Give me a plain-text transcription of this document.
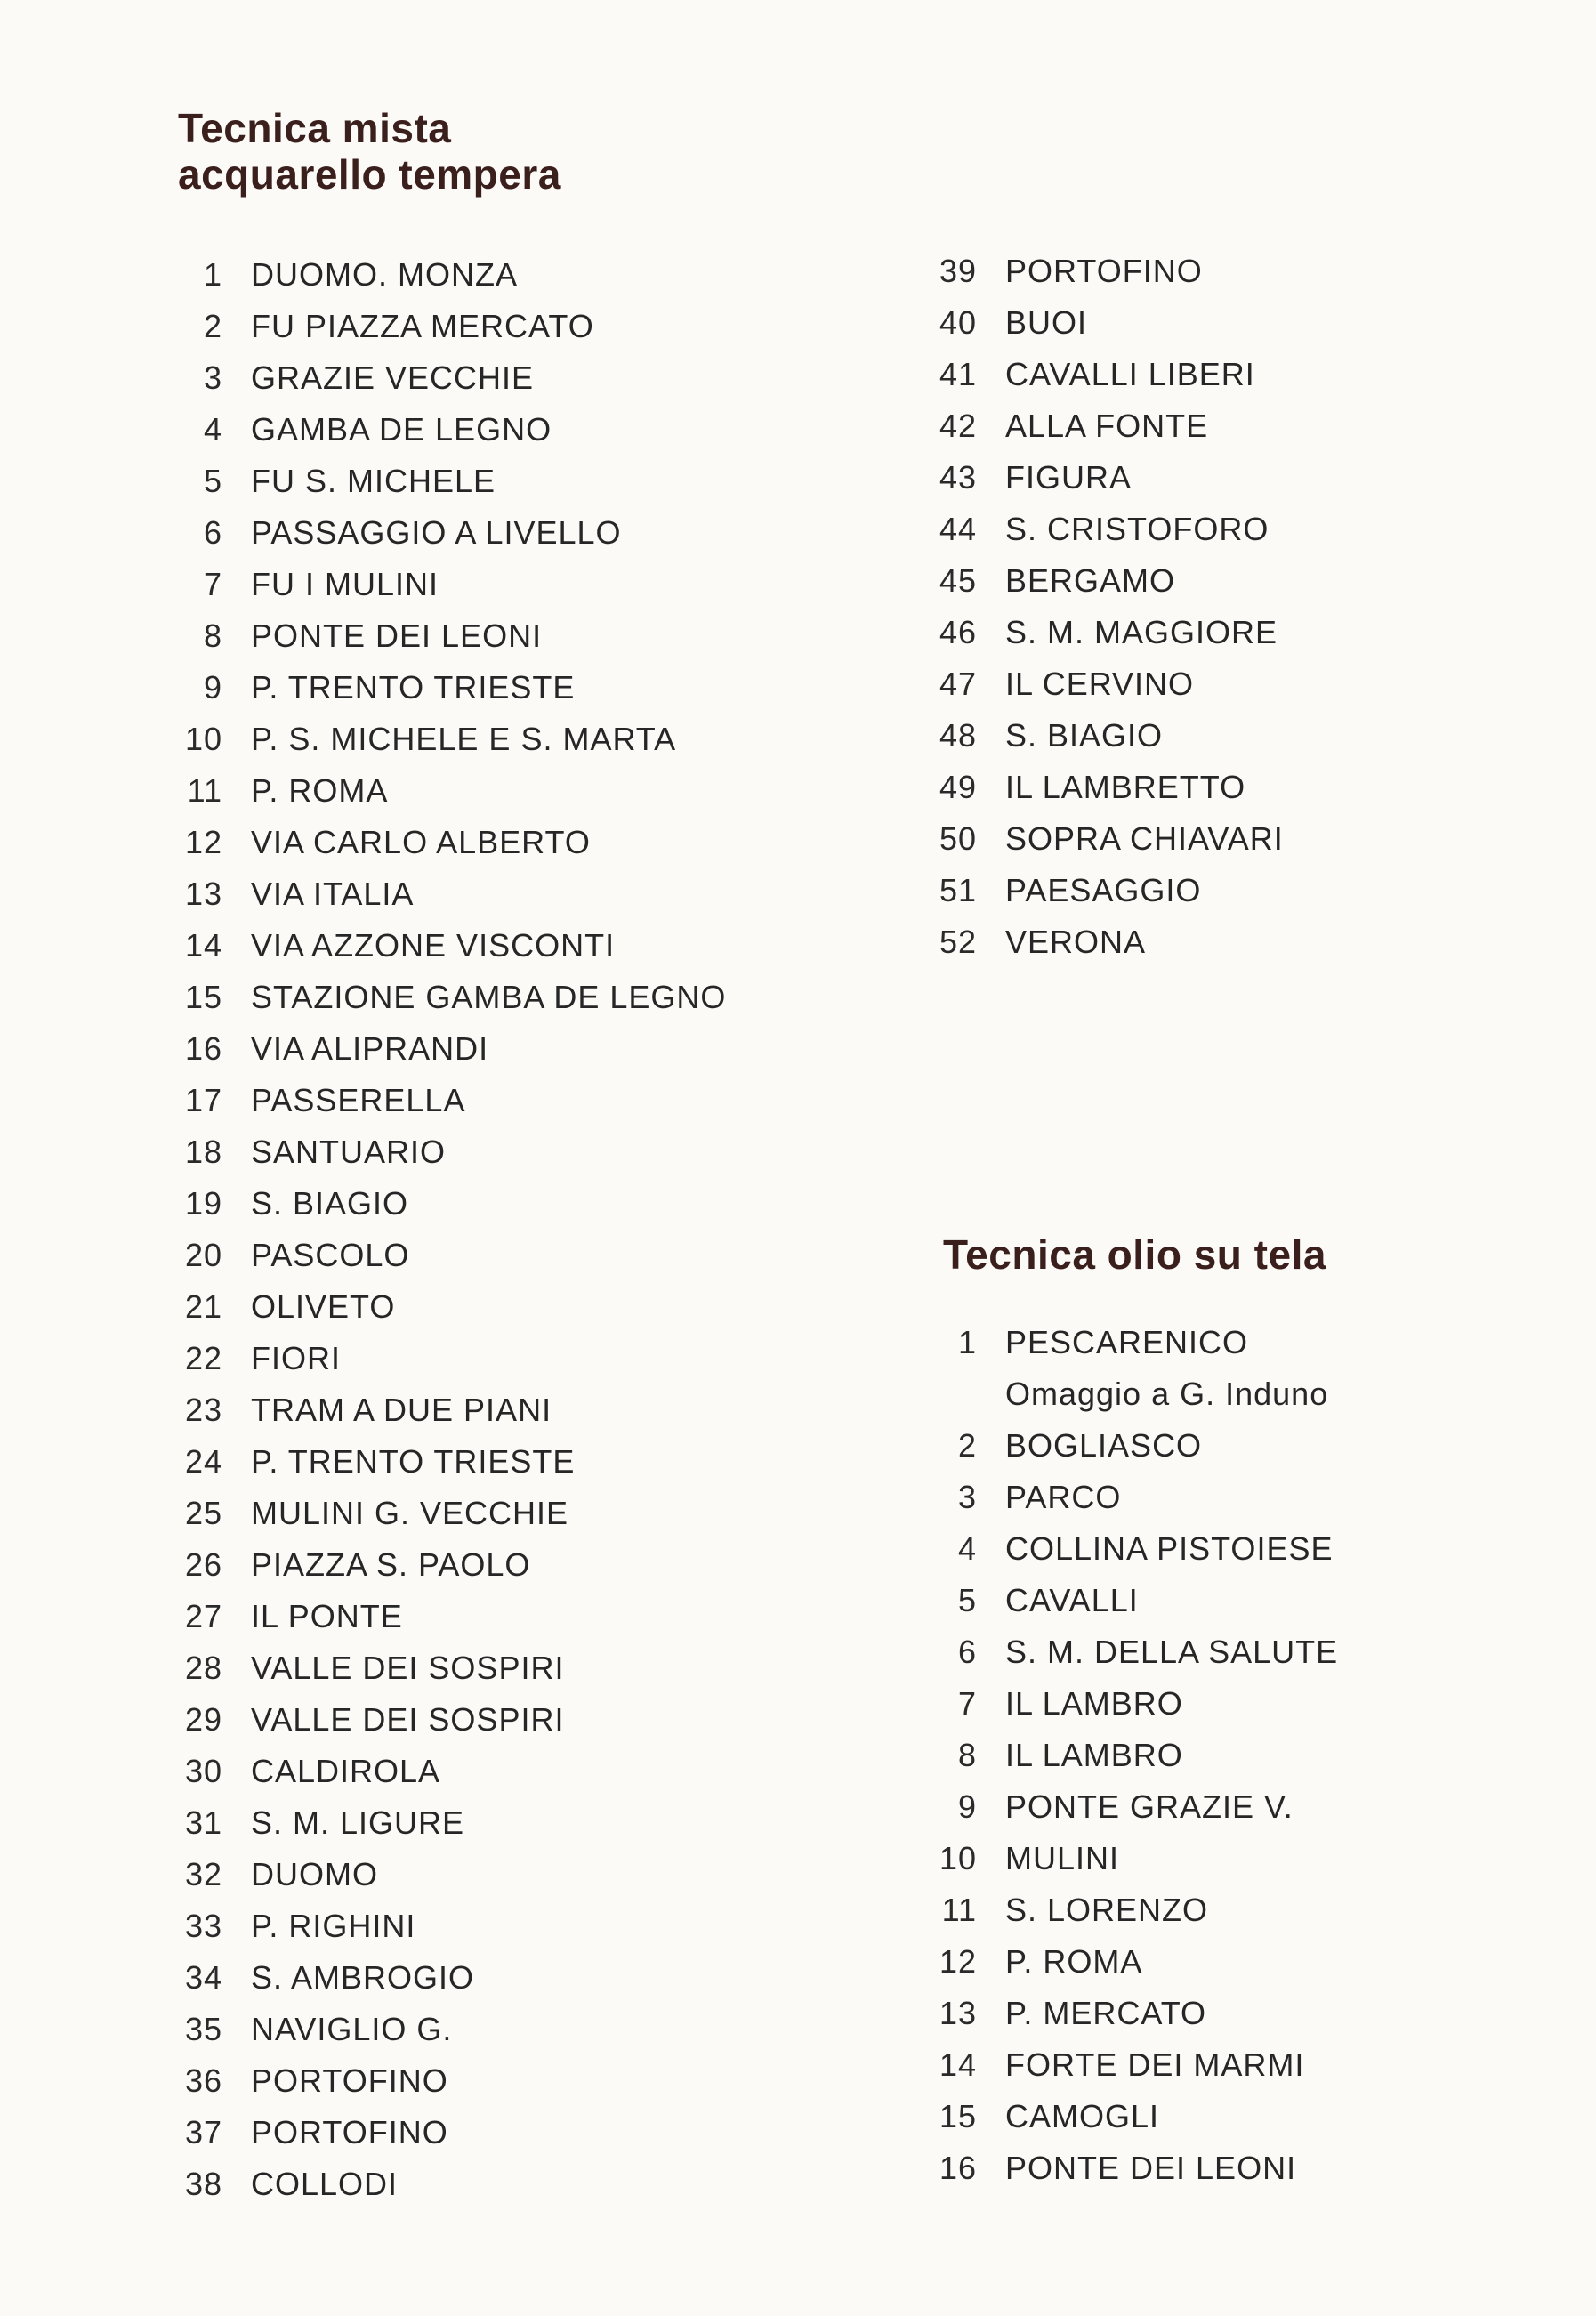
Tecnica mista
acquarello tempera
1 DUOMO. MONZA
2 FU PIAZZA MERCATO
3 GRAZIE VECCHIE
4 GAMBA DE LEGNO
5 FU S. MICHELE
6 PASSAGGIO A LIVELLO
7 FU I MULINI
8 PONTE DEI LEONI
9 P. TRENTO TRIESTE
10 P. S. MICHELE E S. MARTA
11 P. ROMA
12 VIA CARLO ALBERTO
13 VIA ITALIA
14 VIA AZZONE VISCONTI
15 STAZIONE GAMBA DE LEGNO
16 VIA ALIPRANDI
17 PASSERELLA
18 SANTUARIO
19 S. BIAGIO
20 PASCOLO
21 OLIVETO
22 FIORI
23 TRAM A DUE PIANI
24 P. TRENTO TRIESTE
25 MULINI G. VECCHIE
26 PIAZZA S. PAOLO
27 IL PONTE
28 VALLE DEI SOSPIRI
29 VALLE DEI SOSPIRI
30 CALDIROLA
31 S. M. LIGURE
32 DUOMO
33 P. RIGHINI
34 S. AMBROGIO
35 NAVIGLIO G.
36 PORTOFINO
37 PORTOFINO
38 COLLODI
39 PORTOFINO
40 BUOI
41 CAVALLI LIBERI
42 ALLA FONTE
43 FIGURA
44 S. CRISTOFORO
45 BERGAMO
46 S. M. MAGGIORE
47 IL CERVINO
48 S. BIAGIO
49 IL LAMBRETTO
50 SOPRA CHIAVARI
51 PAESAGGIO
52 VERONA
Tecnica olio su tela
1 PESCARENICO
Omaggio a G. Induno
2 BOGLIASCO
3 PARCO
4 COLLINA PISTOIESE
5 CAVALLI
6 S. M. DELLA SALUTE
7 IL LAMBRO
8 IL LAMBRO
9 PONTE GRAZIE V.
10 MULINI
11 S. LORENZO
12 P. ROMA
13 P. MERCATO
14 FORTE DEI MARMI
15 CAMOGLI
16 PONTE DEI LEONI
